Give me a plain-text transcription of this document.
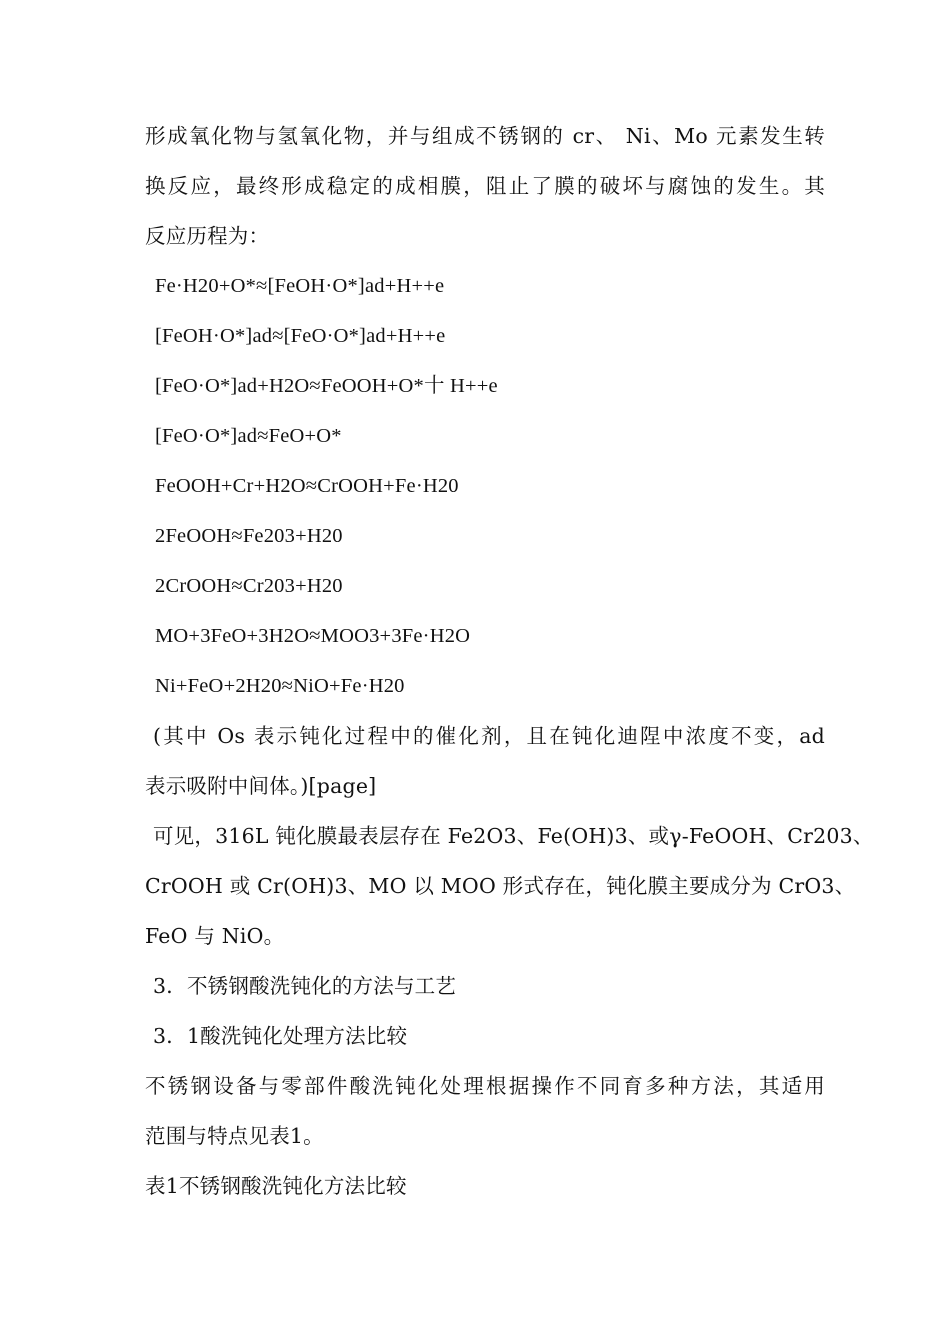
形成氧化物与氢氧化物，并与组成不锈钢的 cr、 Ni、Mo 元素发生转
换反应，最终形成稳定的成相膜，阻止了膜的破坏与腐蚀的发生。其
反应历程为：
Fe·H20+O*≈[FeOH·O*]ad+H++e
[FeOH·O*]ad≈[FeO·O*]ad+H++e
[FeO·O*]ad+H2O≈FeOOH+O*十 H++e
[FeO·O*]ad≈FeO+O*
FeOOH+Cr+H2O≈CrOOH+Fe·H20
2FeOOH≈Fe203+H20
2CrOOH≈Cr203+H20
MO+3FeO+3H2O≈MOO3+3Fe·H2O
Ni+FeO+2H20≈NiO+Fe·H20
(其中 Os 表示钝化过程中的催化剂，且在钝化迪陧中浓度不变，ad
表示吸附中间体。)[page]
可见，316L 钝化膜最表层存在 Fe2O3、Fe(OH)3、或γ-FeOOH、Cr203、
CrOOH 或 Cr(OH)3、MO 以 MOO 形式存在，钝化膜主要成分为 CrO3、
FeO 与 NiO。
3．不锈钢酸洗钝化的方法与工艺
3．1酸洗钝化处理方法比较
不锈钢设备与零部件酸洗钝化处理根据操作不同育多种方法，其适用
范围与特点见表1。
表1不锈钢酸洗钝化方法比较
